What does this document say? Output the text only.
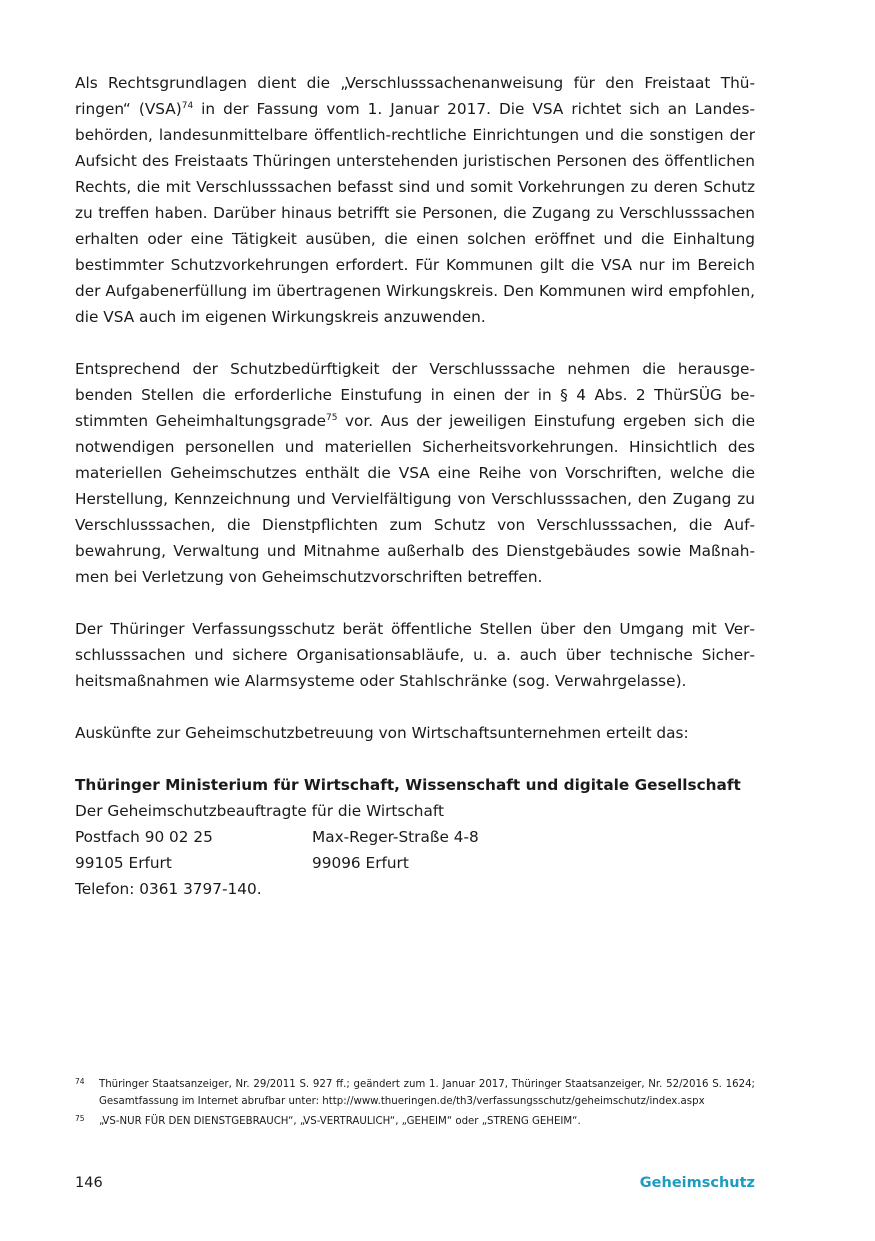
Als Rechtsgrundlagen dient die „Verschlusssachenanweisung für den Freistaat Thüringen“ (VSA)$^{74}$ in der Fassung vom 1. Januar 2017. Die VSA richtet sich an Landesbehörden, landesunmittelbare öffentlich-rechtliche Einrichtungen und die sonstigen der Aufsicht des Freistaats Thüringen unterstehenden juristischen Personen des öffentlichen Rechts, die mit Verschlusssachen befasst sind und somit Vorkehrungen zu deren Schutz zu treffen haben. Darüber hinaus betrifft sie Personen, die Zugang zu Verschlusssachen erhalten oder eine Tätigkeit ausüben, die einen solchen eröffnet und die Einhaltung bestimmter Schutzvorkehrungen erfordert. Für Kommunen gilt die VSA nur im Bereich der Aufgabenerfüllung im übertragenen Wirkungskreis. Den Kommunen wird empfohlen, die VSA auch im eigenen Wirkungskreis anzuwenden.

Entsprechend der Schutzbedürftigkeit der Verschlusssache nehmen die herausgebenden Stellen die erforderliche Einstufung in einen der in § 4 Abs. 2 ThürSÜG bestimmten Geheimhaltungsgrade$^{75}$ vor. Aus der jeweiligen Einstufung ergeben sich die notwendigen personellen und materiellen Sicherheitsvorkehrungen. Hinsichtlich des materiellen Geheimschutzes enthält die VSA eine Reihe von Vorschriften, welche die Herstellung, Kennzeichnung und Vervielfältigung von Verschlusssachen, den Zugang zu Verschlusssachen, die Dienstpflichten zum Schutz von Verschlusssachen, die Aufbewahrung, Verwaltung und Mitnahme außerhalb des Dienstgebäudes sowie Maßnahmen bei Verletzung von Geheimschutzvorschriften betreffen.

Der Thüringer Verfassungsschutz berät öffentliche Stellen über den Umgang mit Verschlusssachen und sichere Organisationsabläufe, u. a. auch über technische Sicherheitsmaßnahmen wie Alarmsysteme oder Stahlschränke (sog. Verwahrgelasse).

Auskünfte zur Geheimschutzbetreuung von Wirtschaftsunternehmen erteilt das:

Thüringer Ministerium für Wirtschaft, Wissenschaft und digitale Gesellschaft
Der Geheimschutzbeauftragte für die Wirtschaft
Postfach 90 02 25	Max-Reger-Straße 4-8
99105 Erfurt	99096 Erfurt
Telefon: 0361 3797-140.
74	Thüringer Staatsanzeiger, Nr. 29/2011 S. 927 ff.; geändert zum 1. Januar 2017, Thüringer Staatsanzeiger, Nr. 52/2016 S. 1624; Gesamtfassung im Internet abrufbar unter: http://www.thueringen.de/th3/verfassungsschutz/geheimschutz/index.aspx
75	„VS-NUR FÜR DEN DIENSTGEBRAUCH“, „VS-VERTRAULICH“, „GEHEIM“ oder „STRENG GEHEIM“.
146	Geheimschutz
